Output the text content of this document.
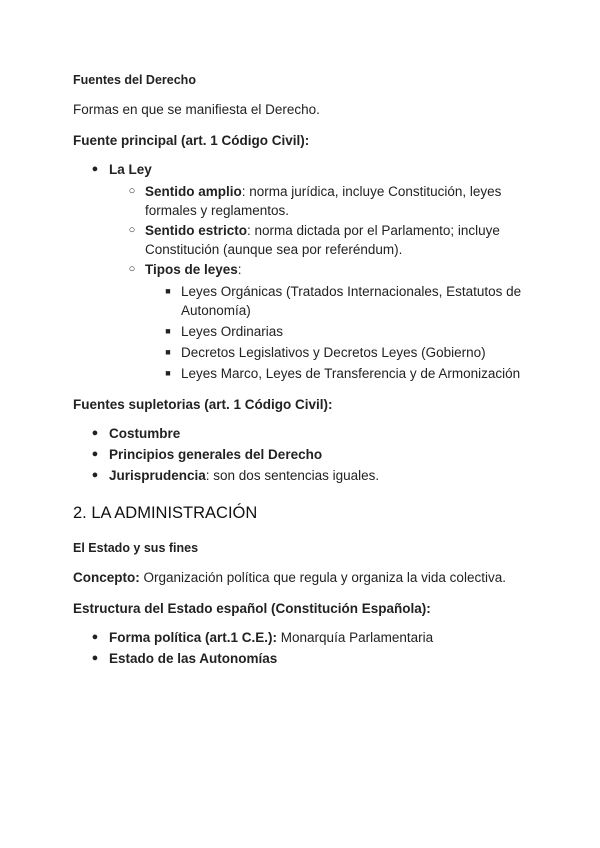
Fuentes del Derecho

Formas en que se manifiesta el Derecho.

Fuente principal (art. 1 Código Civil):

● La Ley
○ Sentido amplio: norma jurídica, incluye Constitución, leyes formales y reglamentos.
○ Sentido estricto: norma dictada por el Parlamento; incluye Constitución (aunque sea por referéndum).
○ Tipos de leyes:
■ Leyes Orgánicas (Tratados Internacionales, Estatutos de Autonomía)
■ Leyes Ordinarias
■ Decretos Legislativos y Decretos Leyes (Gobierno)
■ Leyes Marco, Leyes de Transferencia y de Armonización

Fuentes supletorias (art. 1 Código Civil):

● Costumbre
● Principios generales del Derecho
● Jurisprudencia: son dos sentencias iguales.
2. LA ADMINISTRACIÓN
El Estado y sus fines

Concepto: Organización política que regula y organiza la vida colectiva.

Estructura del Estado español (Constitución Española):

● Forma política (art.1 C.E.): Monarquía Parlamentaria
● Estado de las Autonomías
